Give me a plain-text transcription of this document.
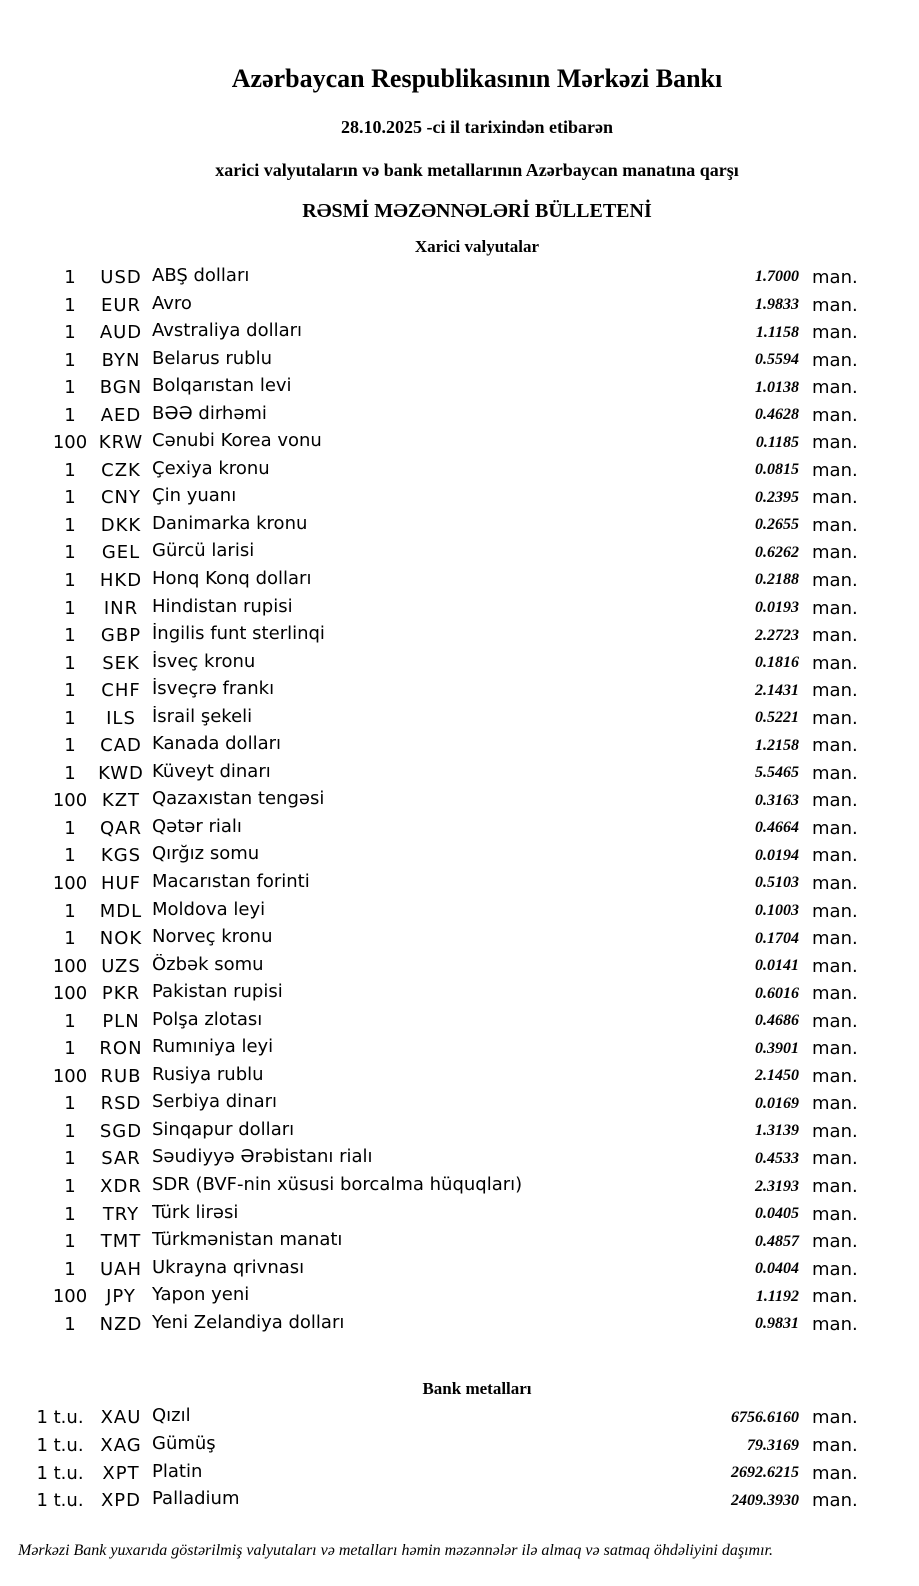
Azərbaycan Respublikasının Mərkəzi Bankı
28.10.2025 -ci il tarixindən etibarən
xarici valyutaların və bank metallarının Azərbaycan manatına qarşı
RƏSMİ MƏZƏNNƏLƏRİ BÜLLETENİ
Xarici valyutalar
1	USD ABŞ dolları	1.7000 man.
1	EUR Avro	1.9833 man.
1	AUD Avstraliya dolları	1.1158 man.
1	BYN Belarus rublu	0.5594 man.
1	BGN Bolqarıstan levi	1.0138 man.
1	AED BƏƏ dirhəmi	0.4628 man.
100 KRW Cənubi Korea vonu	0.1185 man.
1	CZK Çexiya kronu	0.0815 man.
1	CNY Çin yuanı	0.2395 man.
1	DKK Danimarka kronu	0.2655 man.
1	GEL Gürcü larisi	0.6262 man.
1	HKD Honq Konq dolları	0.2188 man.
1	INR Hindistan rupisi	0.0193 man.
1	GBP İngilis funt sterlinqi	2.2723 man.
1	SEK İsveç kronu	0.1816 man.
1	CHF İsveçrə frankı	2.1431 man.
1	ILS İsrail şekeli	0.5221 man.
1	CAD Kanada dolları	1.2158 man.
1	KWD Küveyt dinarı	5.5465 man.
100 KZT Qazaxıstan tengəsi	0.3163 man.
1	QAR Qətər rialı	0.4664 man.
1	KGS Qırğız somu	0.0194 man.
100 HUF Macarıstan forinti	0.5103 man.
1	MDL Moldova leyi	0.1003 man.
1	NOK Norveç kronu	0.1704 man.
100 UZS Özbək somu	0.0141 man.
100 PKR Pakistan rupisi	0.6016 man.
1	PLN Polşa zlotası	0.4686 man.
1	RON Rumıniya leyi	0.3901 man.
100 RUB Rusiya rublu	2.1450 man.
1	RSD Serbiya dinarı	0.0169 man.
1	SGD Sinqapur dolları	1.3139 man.
1	SAR Səudiyyə Ərəbistanı rialı	0.4533 man.
1	XDR SDR (BVF-nin xüsusi borcalma hüquqları)	2.3193 man.
1	TRY Türk lirəsi	0.0405 man.
1	TMT Türkmənistan manatı	0.4857 man.
1	UAH Ukrayna qrivnası	0.0404 man.
100	JPY Yapon yeni	1.1192 man.
1	NZD Yeni Zelandiya dolları	0.9831 man.
Bank metalları
1 t.u. XAU Qızıl	6756.6160 man.
1 t.u. XAG Gümüş	79.3169 man.
1 t.u. XPT Platin	2692.6215 man.
1 t.u. XPD Palladium	2409.3930 man.
Mərkəzi Bank yuxarıda göstərilmiş valyutaları və metalları həmin məzənnələr ilə almaq və satmaq öhdəliyini daşımır.
